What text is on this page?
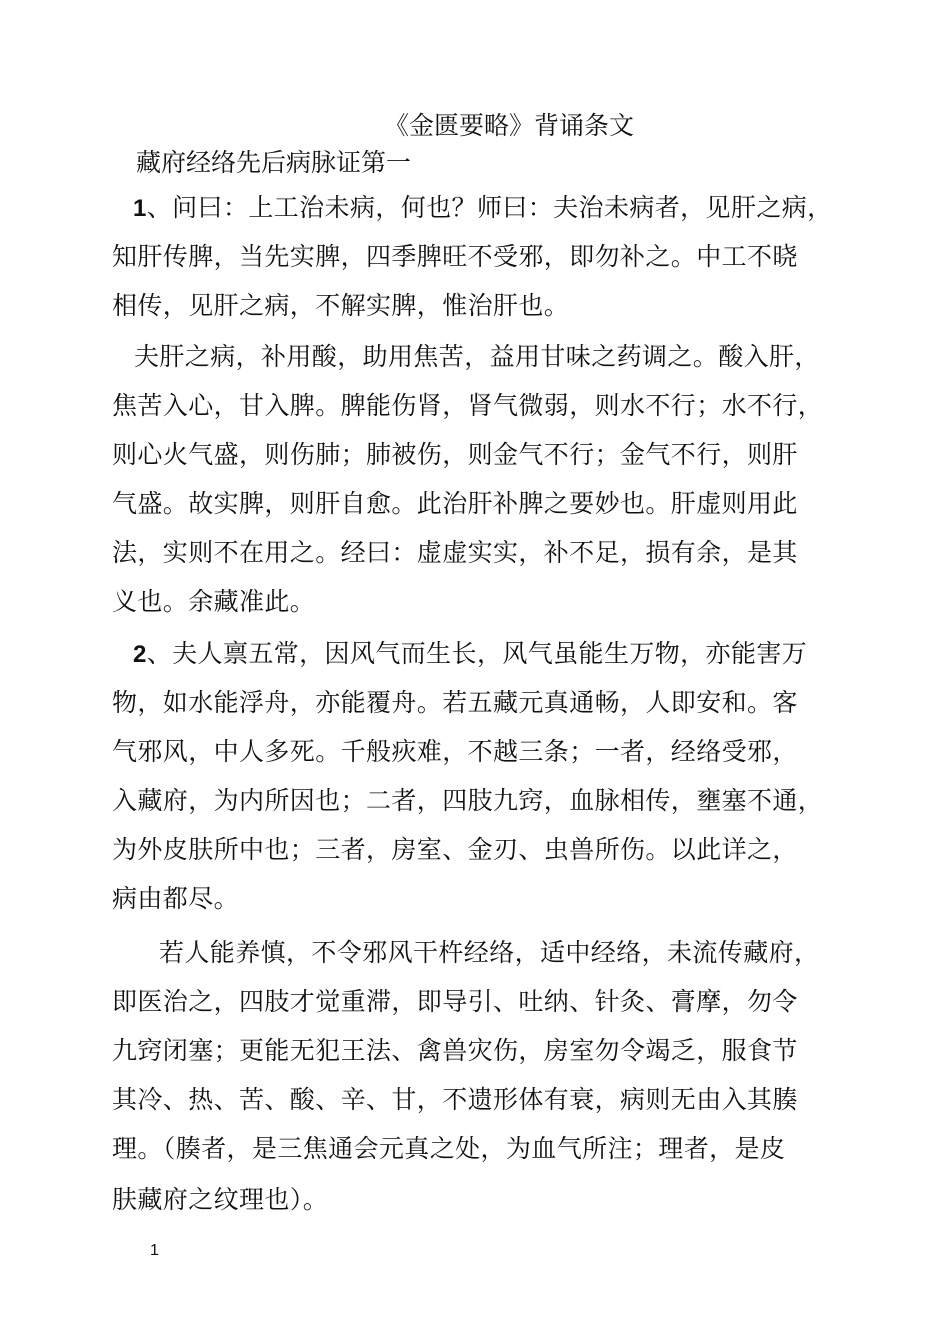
《金匮要略》背诵条文
藏府经络先后病脉证第一
1、问曰：上工治未病，何也？师曰：夫治未病者，见肝之病，
知肝传脾，当先实脾，四季脾旺不受邪，即勿补之。中工不晓
相传，见肝之病，不解实脾，惟治肝也。
夫肝之病，补用酸，助用焦苦，益用甘味之药调之。酸入肝，
焦苦入心，甘入脾。脾能伤肾，肾气微弱，则水不行；水不行，
则心火气盛，则伤肺；肺被伤，则金气不行；金气不行，则肝
气盛。故实脾，则肝自愈。此治肝补脾之要妙也。肝虚则用此
法，实则不在用之。经曰：虚虚实实，补不足，损有余，是其
义也。余藏准此。
2、夫人禀五常，因风气而生长，风气虽能生万物，亦能害万
物，如水能浮舟，亦能覆舟。若五藏元真通畅，人即安和。客
气邪风，中人多死。千般疢难，不越三条；一者，经络受邪，
入藏府，为内所因也；二者，四肢九窍，血脉相传，壅塞不通，
为外皮肤所中也；三者，房室、金刃、虫兽所伤。以此详之，
病由都尽。
若人能养慎，不令邪风干杵经络，适中经络，未流传藏府，
即医治之，四肢才觉重滞，即导引、吐纳、针灸、膏摩，勿令
九窍闭塞；更能无犯王法、禽兽灾伤，房室勿令竭乏，服食节
其冷、热、苦、酸、辛、甘，不遗形体有衰，病则无由入其腠
理。（腠者，是三焦通会元真之处，为血气所注；理者，是皮
肤藏府之纹理也）。
1
